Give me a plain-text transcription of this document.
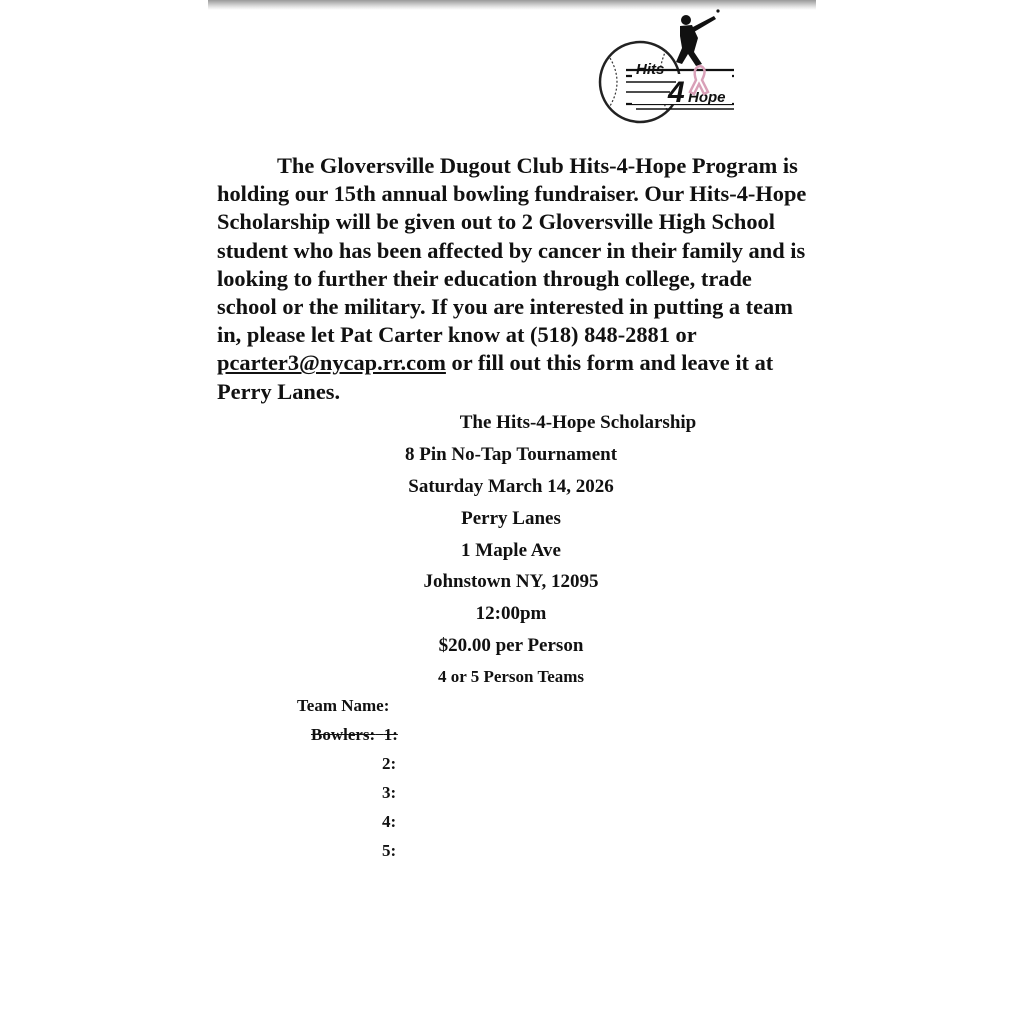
Hits
4 Hope
The Gloversville Dugout Club Hits-4-Hope Program is holding our 15th annual bowling fundraiser. Our Hits-4-Hope Scholarship will be given out to 2 Gloversville High School student who has been affected by cancer in their family and is looking to further their education through college, trade school or the military. If you are interested in putting a team in, please let Pat Carter know at (518) 848-2881 or pcarter3@nycap.rr.com or fill out this form and leave it at Perry Lanes.
The Hits-4-Hope Scholarship
8 Pin No-Tap Tournament
Saturday March 14, 2026
Perry Lanes
1 Maple Ave
Johnstown NY, 12095
12:00pm
$20.00 per Person
4 or 5 Person Teams
Team Name:
Bowlers: 1:
2:
3:
4:
5:
